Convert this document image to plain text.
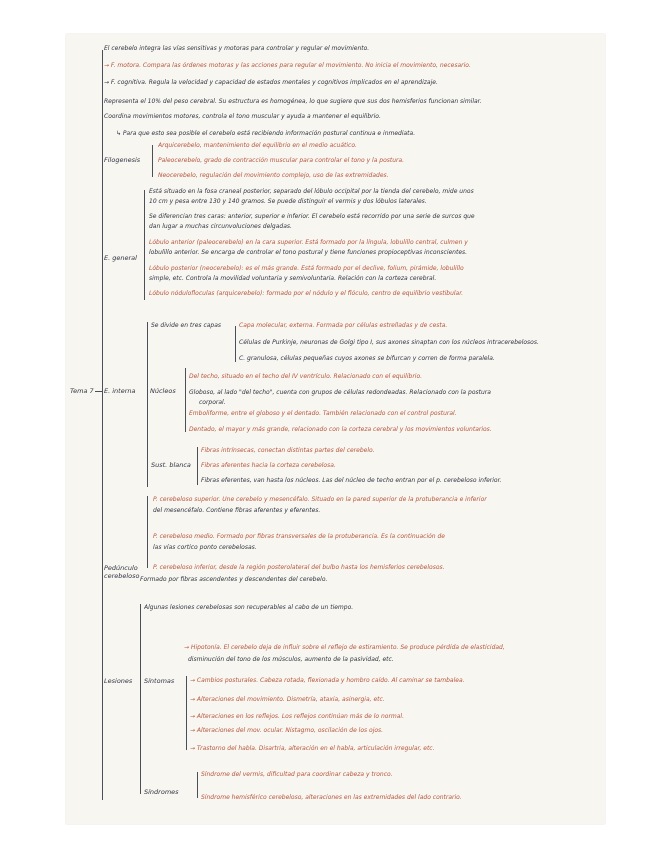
Tema 7
El cerebelo integra las vías sensitivas y motoras para controlar y regular el movimiento.
→ F. motora. Compara las órdenes motoras y las acciones para regular el movimiento. No inicia el movimiento, necesario.
→ F. cognitiva. Regula la velocidad y capacidad de estados mentales y cognitivos implicados en el aprendizaje.
Representa el 10% del peso cerebral. Su estructura es homogénea, lo que sugiere que sus dos hemisferios funcionan similar.
Coordina movimientos motores, controla el tono muscular y ayuda a mantener el equilibrio.
↳ Para que esto sea posible el cerebelo está recibiendo información postural continua e inmediata.
Filogenesis
Arquicerebelo, mantenimiento del equilibrio en el medio acuático.
Paleocerebelo, grado de contracción muscular para controlar el tono y la postura.
Neocerebelo, regulación del movimiento complejo, uso de las extremidades.
E. general
Está situado en la fosa craneal posterior, separado del lóbulo occipital por la tienda del cerebelo, mide unos
10 cm y pesa entre 130 y 140 gramos. Se puede distinguir el vermis y dos lóbulos laterales.
Se diferencian tres caras: anterior, superior e inferior. El cerebelo está recorrido por una serie de surcos que
dan lugar a muchas circunvoluciones delgadas.
Lóbulo anterior (paleocerebelo) en la cara superior. Está formado por la língula, lobulillo central, culmen y
lobulillo anterior. Se encarga de controlar el tono postural y tiene funciones propioceptivas inconscientes.
Lóbulo posterior (neocerebelo): es el más grande. Está formado por el declive, folium, pirámide, lobulillo
simple, etc. Controla la movilidad voluntaria y semivoluntaria. Relación con la corteza cerebral.
Lóbulo nódulofloculas (arquicerebelo): formado por el nódulo y el flóculo, centro de equilibrio vestibular.
E. interna
Se divide en tres capas	Capa molecular, externa. Formada por células estrelladas y de cesta.
Células de Purkinje, neuronas de Golgi tipo I, sus axones sinaptan con los núcleos intracerebelosos.
C. granulosa, células pequeñas cuyos axones se bifurcan y corren de forma paralela.
Núcleos
Del techo, situado en el techo del IV ventrículo. Relacionado con el equilibrio.
Globoso, al lado "del techo", cuenta con grupos de células redondeadas. Relacionado con la postura
corporal.
Emboliforme, entre el globoso y el dentado. También relacionado con el control postural.
Dentado, el mayor y más grande, relacionado con la corteza cerebral y los movimientos voluntarios.
Sust. blanca
Fibras intrínsecas, conectan distintas partes del cerebelo.
Fibras aferentes hacia la corteza cerebelosa.
Fibras eferentes, van hasta los núcleos. Las del núcleo de techo entran por el p. cerebeloso inferior.
Pedúnculo cerebeloso
P. cerebeloso superior. Une cerebelo y mesencéfalo. Situado en la pared superior de la protuberancia e inferior
del mesencéfalo. Contiene fibras aferentes y eferentes.
P. cerebeloso medio. Formado por fibras transversales de la protuberancia. Es la continuación de
las vías cortico ponto cerebelosas.
P. cerebeloso inferior, desde la región posterolateral del bulbo hasta los hemisferios cerebelosos.
Formado por fibras ascendentes y descendentes del cerebelo.
Lesiones
Algunas lesiones cerebelosas son recuperables al cabo de un tiempo.
→ Hipotonía. El cerebelo deja de influir sobre el reflejo de estiramiento. Se produce pérdida de elasticidad,
disminución del tono de los músculos, aumento de la pasividad, etc.
Síntomas	→ Cambios posturales. Cabeza rotada, flexionada y hombro caído. Al caminar se tambalea.
→ Alteraciones del movimiento. Dismetría, ataxia, asinergia, etc.
→ Alteraciones en los reflejos. Los reflejos continúan más de lo normal.
→ Alteraciones del mov. ocular. Nistagmo, oscilación de los ojos.
→ Trastorno del habla. Disartria, alteración en el habla, articulación irregular, etc.
Síndromes
Síndrome del vermis, dificultad para coordinar cabeza y tronco.
Síndrome hemisférico cerebeloso, alteraciones en las extremidades del lado contrario.
